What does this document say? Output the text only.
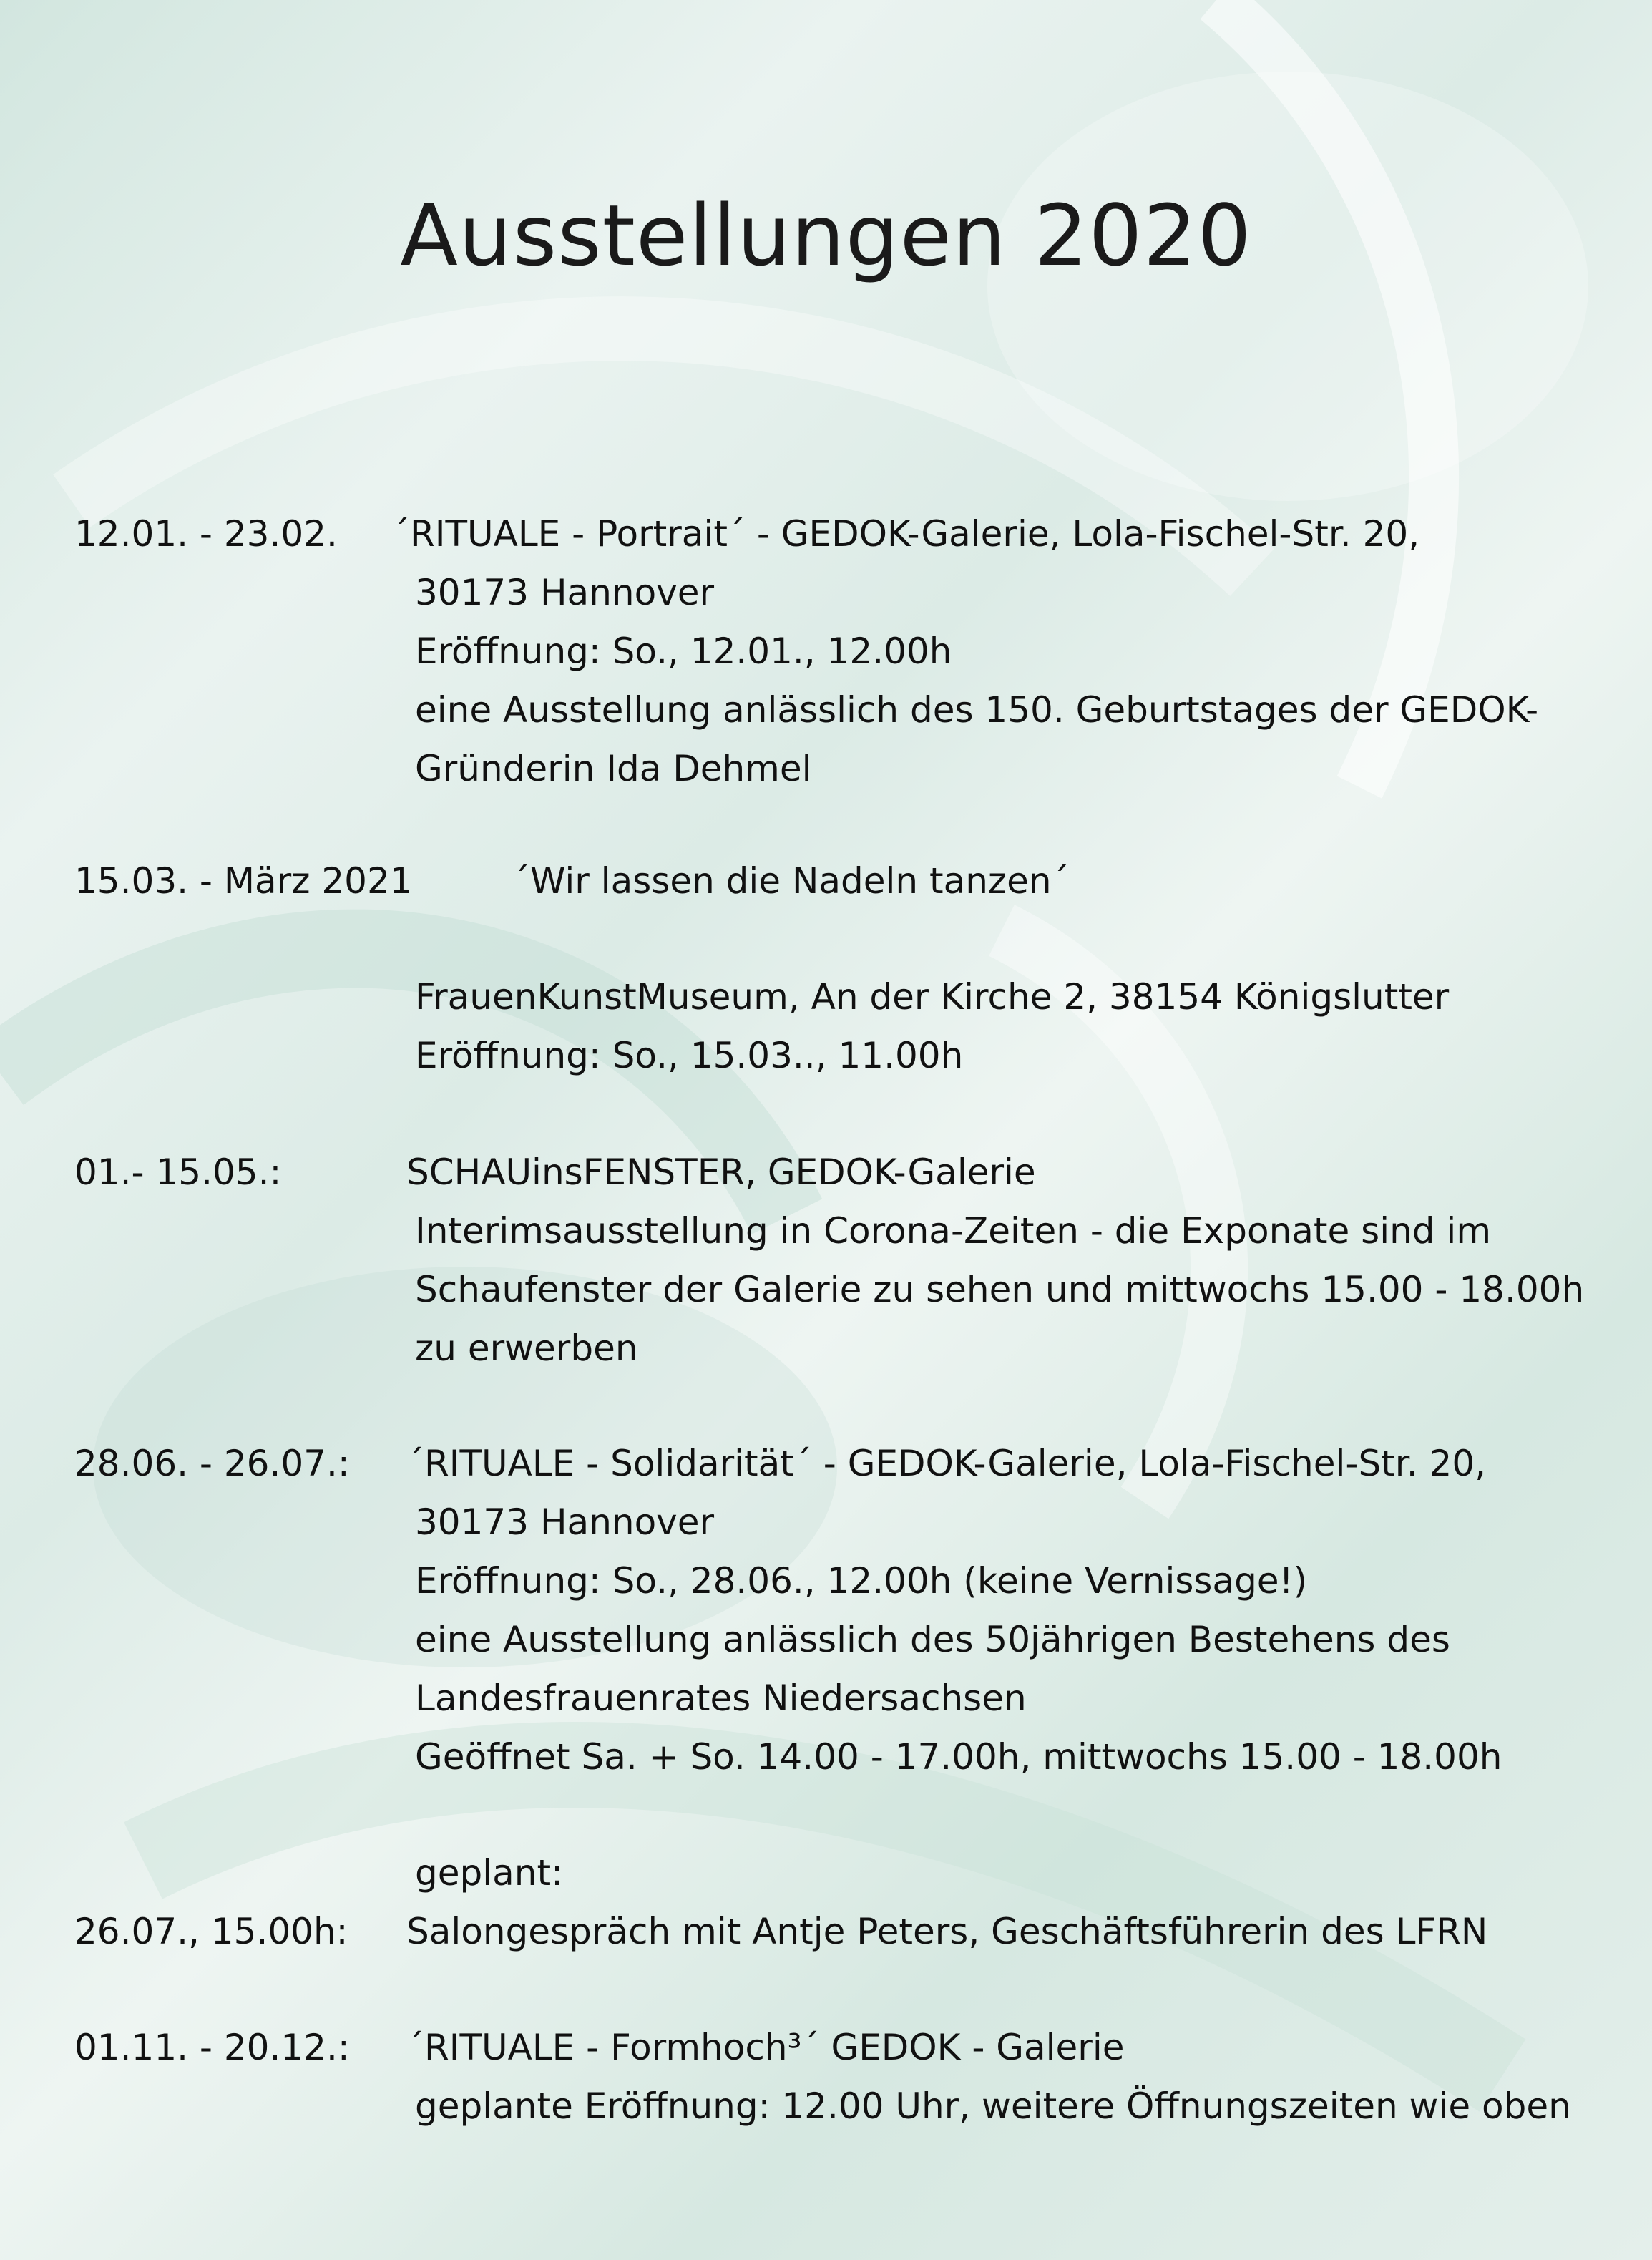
Ausstellungen 2020
12.01. - 23.02. ´RITUALE - Portrait´ - GEDOK-Galerie, Lola-Fischel-Str. 20,
30173 Hannover
Eröffnung: So., 12.01., 12.00h
eine Ausstellung anlässlich des 150. Geburtstages der GEDOK-
Gründerin Ida Dehmel
15.03. - März 2021	´Wir lassen die Nadeln tanzen´
FrauenKunstMuseum, An der Kirche 2, 38154 Königslutter
Eröffnung: So., 15.03.., 11.00h
01.- 15.05.:	SCHAUinsFENSTER, GEDOK-Galerie
Interimsausstellung in Corona-Zeiten - die Exponate sind im
Schaufenster der Galerie zu sehen und mittwochs 15.00 - 18.00h
zu erwerben
28.06. - 26.07.: ´RITUALE - Solidarität´ - GEDOK-Galerie, Lola-Fischel-Str. 20,
30173 Hannover
Eröffnung: So., 28.06., 12.00h (keine Vernissage!)
eine Ausstellung anlässlich des 50jährigen Bestehens des
Landesfrauenrates Niedersachsen
Geöffnet Sa. + So. 14.00 - 17.00h, mittwochs 15.00 - 18.00h
geplant:
26.07., 15.00h: Salongespräch mit Antje Peters, Geschäftsführerin des LFRN
01.11. - 20.12.: ´RITUALE - Formhoch³´ GEDOK - Galerie
geplante Eröffnung: 12.00 Uhr, weitere Öffnungszeiten wie oben
